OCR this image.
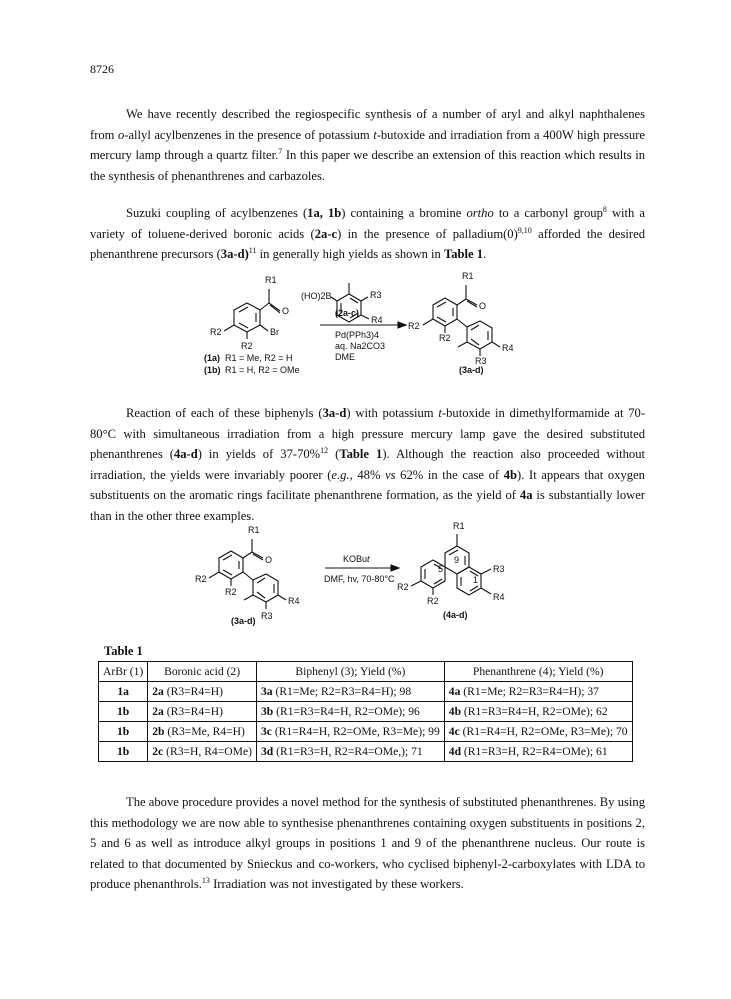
8726

We have recently described the regiospecific synthesis of a number of aryl and alkyl naphthalenes from o-allyl acylbenzenes in the presence of potassium t-butoxide and irradiation from a 400W high pressure mercury lamp through a quartz filter.$^7$ In this paper we describe an extension of this reaction which results in the synthesis of phenanthrenes and carbazoles.

Suzuki coupling of acylbenzenes (1a, 1b) containing a bromine ortho to a carbonyl group$^8$ with a variety of toluene-derived boronic acids (2a-c) in the presence of $palladium(0)^{9,10}$ afforded the desired phenanthrene precursors $(3a-d)^{11}$ in generally high yields as shown in Table 1.

R1
O
Br
R2
R2
(1a) R1 = Me, R2 = H
(1b) R1 = H, R2 = OMe
(HO)2B	R3
R4
(2a-c)
Pd(PPh3)4
aq. Na2CO3
DME
R1
O
R2
R2
R4
R3
(3a-d)

Reaction of each of these biphenyls (3a-d) with potassium t-butoxide in dimethylformamide at 70-80°C with simultaneous irradiation from a high pressure mercury lamp gave the desired substituted phenanthrenes (4a-d) in yields of 37-70%$^{12}$ (Table 1). Although the reaction also proceeded without irradiation, the yields were invariably poorer (e.g., 48% vs 62% in the case of 4b). It appears that oxygen substituents on the aromatic rings facilitate phenanthrene formation, as the yield of 4a is substantially lower than in the other three examples.

R1
O
R2
R2
R4
R3
(3a-d)
KOBut
DMF, hv, 70-80°C
R1
9
5
1
R3
R2
R2	R4
(4a-d)
Table 1
ArBr (1)	Boronic acid (2)	Biphenyl (3); Yield (%)	Phenanthrene (4); Yield (%)
1a	2a (R3=R4=H)	3a (R1=Me; R2=R3=R4=H); 98	4a (R1=Me; R2=R3=R4=H); 37
1b	2a (R3=R4=H)	3b (R1=R3=R4=H, R2=OMe); 96	4b (R1=R3=R4=H, R2=OMe); 62
1b	2b (R3=Me, R4=H)	3c (R1=R4=H, R2=OMe, R3=Me); 99	4c (R1=R4=H, R2=OMe, R3=Me); 70
1b	2c (R3=H, R4=OMe)	3d (R1=R3=H, R2=R4=OMe,); 71	4d (R1=R3=H, R2=R4=OMe); 61

The above procedure provides a novel method for the synthesis of substituted phenanthrenes. By using this methodology we are now able to synthesise phenanthrenes containing oxygen substituents in positions 2, 5 and 6 as well as introduce alkyl groups in positions 1 and 9 of the phenanthrene nucleus. Our route is related to that documented by Snieckus and co-workers, who cyclised biphenyl-2-carboxylates with LDA to produce phenanthrols.$^{13}$ Irradiation was not investigated by these workers.
